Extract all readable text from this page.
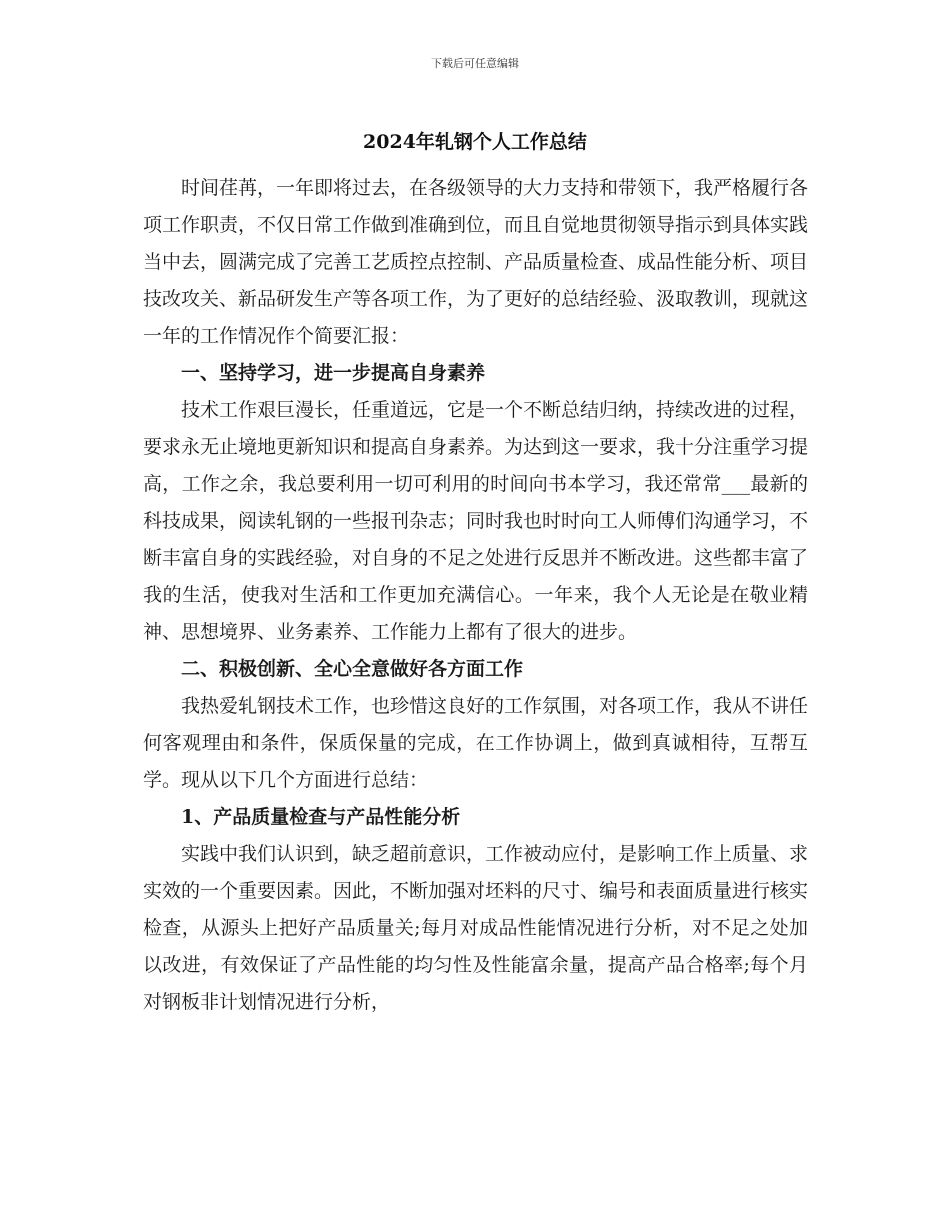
下载后可任意编辑
2024年轧钢个人工作总结

时间荏苒，一年即将过去，在各级领导的大力支持和带领下，我严格履行各项工作职责，不仅日常工作做到准确到位，而且自觉地贯彻领导指示到具体实践当中去，圆满完成了完善工艺质控点控制、产品质量检查、成品性能分析、项目技改攻关、新品研发生产等各项工作，为了更好的总结经验、汲取教训，现就这一年的工作情况作个简要汇报：

一、坚持学习，进一步提高自身素养

技术工作艰巨漫长，任重道远，它是一个不断总结归纳，持续改进的过程，要求永无止境地更新知识和提高自身素养。为达到这一要求，我十分注重学习提高，工作之余，我总要利用一切可利用的时间向书本学习，我还常常___最新的科技成果，阅读轧钢的一些报刊杂志；同时我也时时向工人师傅们沟通学习，不断丰富自身的实践经验，对自身的不足之处进行反思并不断改进。这些都丰富了我的生活，使我对生活和工作更加充满信心。一年来，我个人无论是在敬业精神、思想境界、业务素养、工作能力上都有了很大的进步。

二、积极创新、全心全意做好各方面工作

我热爱轧钢技术工作，也珍惜这良好的工作氛围，对各项工作，我从不讲任何客观理由和条件，保质保量的完成，在工作协调上，做到真诚相待，互帮互学。现从以下几个方面进行总结：

1、产品质量检查与产品性能分析

实践中我们认识到，缺乏超前意识，工作被动应付，是影响工作上质量、求实效的一个重要因素。因此，不断加强对坯料的尺寸、编号和表面质量进行核实检查，从源头上把好产品质量关;每月对成品性能情况进行分析，对不足之处加以改进，有效保证了产品性能的均匀性及性能富余量，提高产品合格率;每个月对钢板非计划情况进行分析，
